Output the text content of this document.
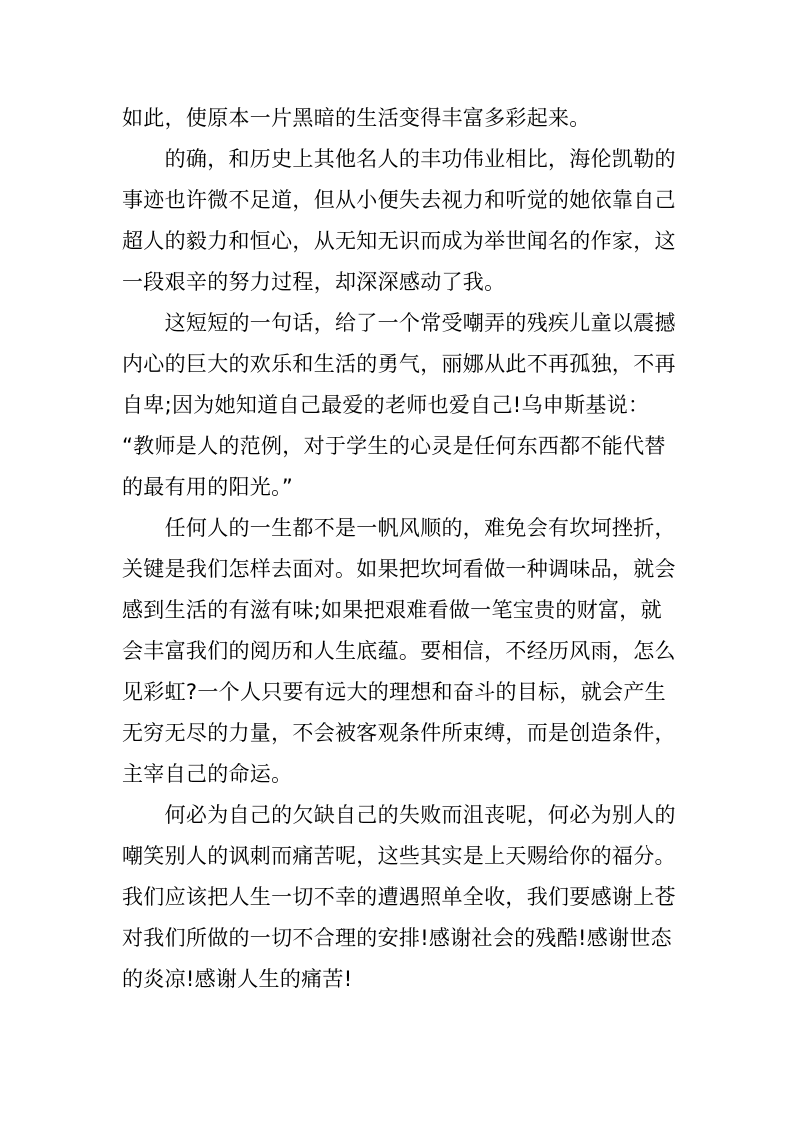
如此，使原本一片黑暗的生活变得丰富多彩起来。
　　的确，和历史上其他名人的丰功伟业相比，海伦凯勒的
事迹也许微不足道，但从小便失去视力和听觉的她依靠自己
超人的毅力和恒心，从无知无识而成为举世闻名的作家，这
一段艰辛的努力过程，却深深感动了我。
　　这短短的一句话，给了一个常受嘲弄的残疾儿童以震撼
内心的巨大的欢乐和生活的勇气，丽娜从此不再孤独，不再
自卑;因为她知道自己最爱的老师也爱自己!乌申斯基说：
“教师是人的范例，对于学生的心灵是任何东西都不能代替
的最有用的阳光。”
　　任何人的一生都不是一帆风顺的，难免会有坎坷挫折，
关键是我们怎样去面对。如果把坎坷看做一种调味品，就会
感到生活的有滋有味;如果把艰难看做一笔宝贵的财富，就
会丰富我们的阅历和人生底蕴。要相信，不经历风雨，怎么
见彩虹?一个人只要有远大的理想和奋斗的目标，就会产生
无穷无尽的力量，不会被客观条件所束缚，而是创造条件，
主宰自己的命运。
　　何必为自己的欠缺自己的失败而沮丧呢，何必为别人的
嘲笑别人的讽刺而痛苦呢，这些其实是上天赐给你的福分。
我们应该把人生一切不幸的遭遇照单全收，我们要感谢上苍
对我们所做的一切不合理的安排!感谢社会的残酷!感谢世态
的炎凉!感谢人生的痛苦!
